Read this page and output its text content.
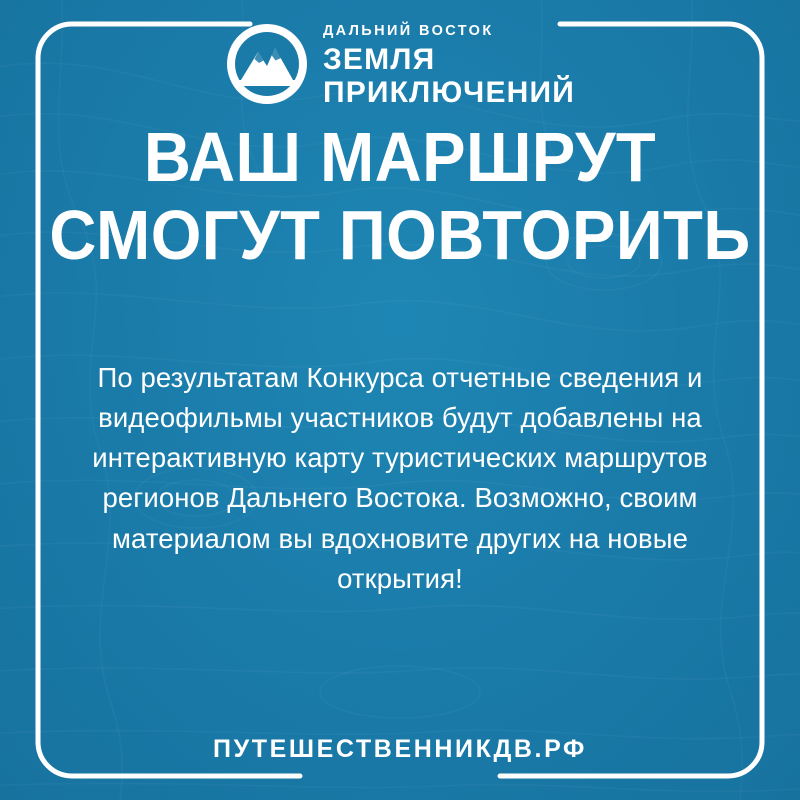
ДАЛЬНИЙ ВОСТОК
ЗЕМЛЯ
ПРИКЛЮЧЕНИЙ
ВАШ МАРШРУТ
СМОГУТ ПОВТОРИТЬ

По результатам Конкурса отчетные сведения и видеофильмы участников будут добавлены на интерактивную карту туристических маршрутов регионов Дальнего Востока. Возможно, своим материалом вы вдохновите других на новые открытия!

ПУТЕШЕСТВЕННИКДВ.РФ
